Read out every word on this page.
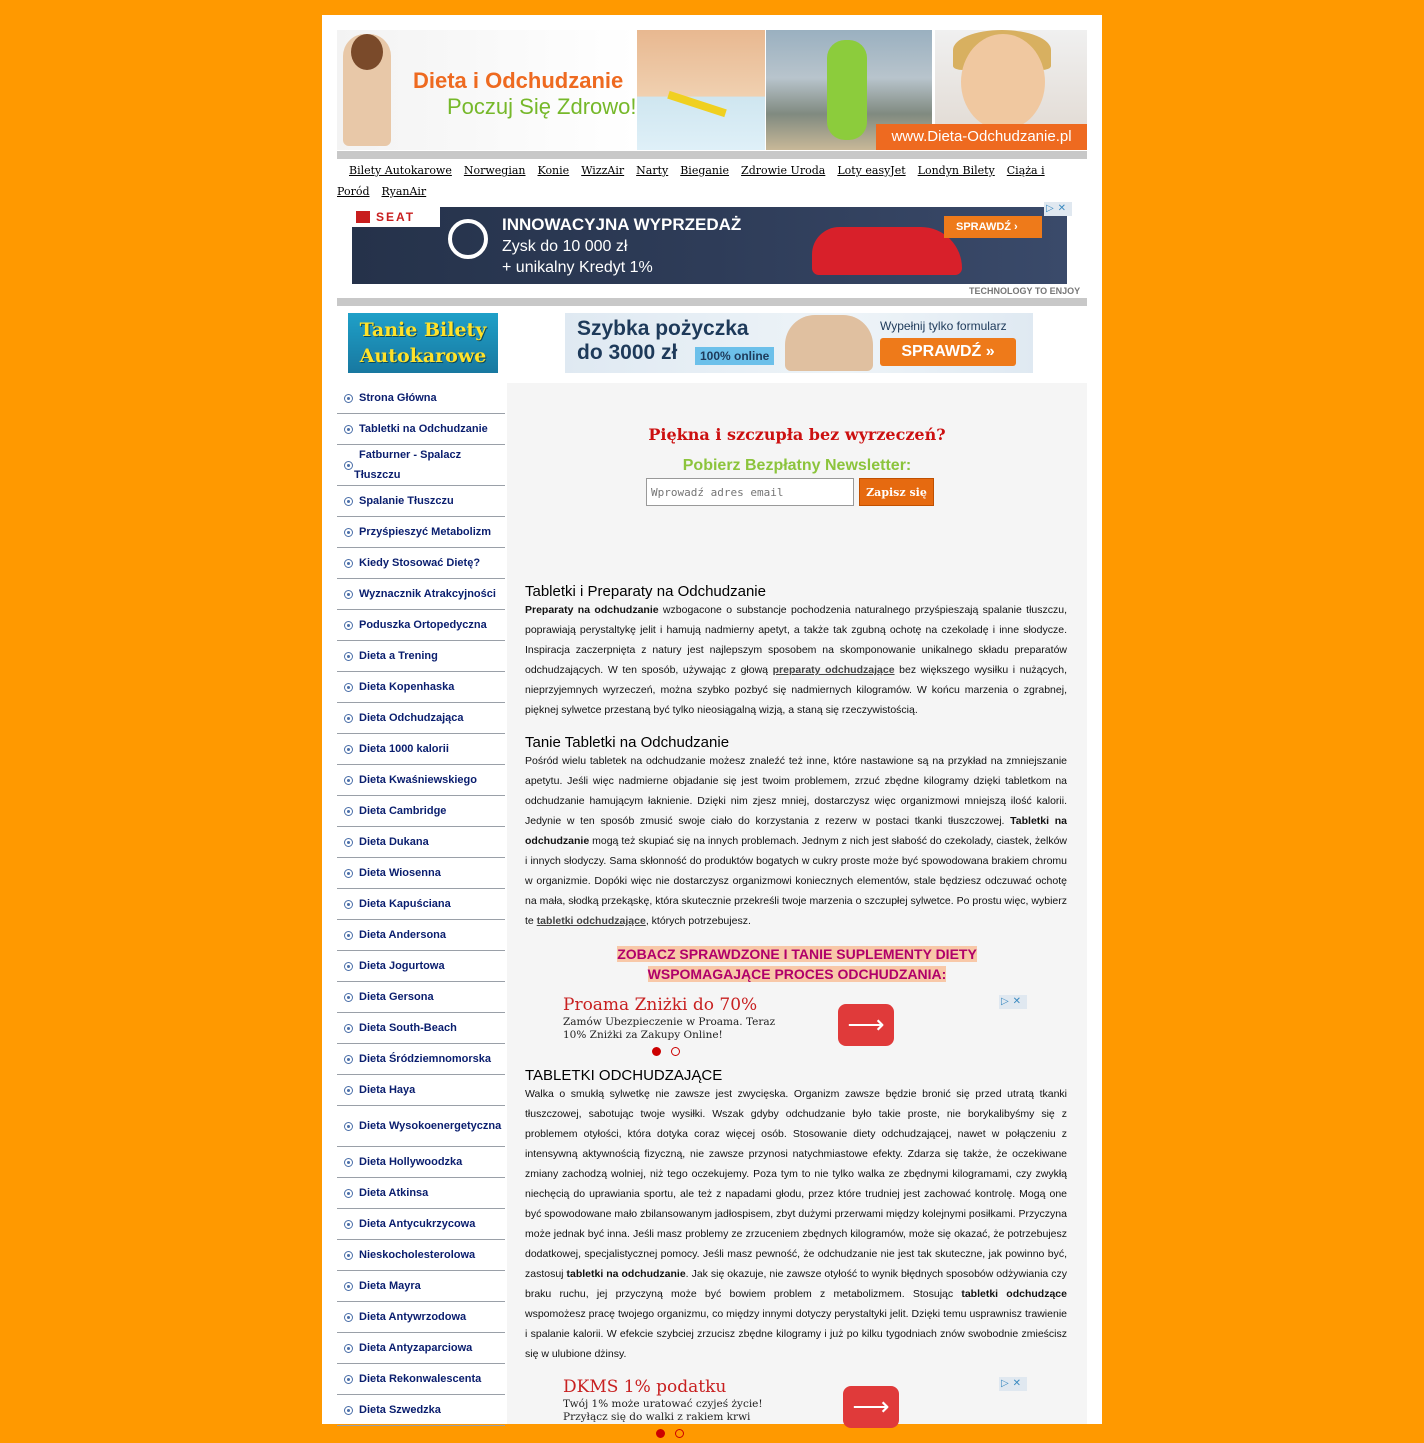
Dieta i Odchudzanie
Poczuj Się Zdrowo!
www.Dieta-Odchudzanie.pl
Bilety Autokarowe Norwegian Konie WizzAir Narty Bieganie Zdrowie Uroda Loty easyJet Londyn Bilety Ciąża i
Poród RyanAir
SEAT	INNOWACYJNA WYPRZEDAŻ
Zysk do 10 000 zł
+ unikalny Kredyt 1%
SPRAWDŹ ›
TECHNOLOGY TO ENJOY
▷✕
Tanie Bilety
Autokarowe
Strona Główna
Tabletki na Odchudzanie
Fatburner - Spalacz Tłuszczu
Spalanie Tłuszczu
Przyśpieszyć Metabolizm
Kiedy Stosować Dietę?
Wyznacznik Atrakcyjności
Poduszka Ortopedyczna
Dieta a Trening
Dieta Kopenhaska
Dieta Odchudzająca
Dieta 1000 kalorii
Dieta Kwaśniewskiego
Dieta Cambridge
Dieta Dukana
Dieta Wiosenna
Dieta Kapuściana
Dieta Andersona
Dieta Jogurtowa
Dieta Gersona
Dieta South-Beach
Dieta Śródziemnomorska
Dieta Haya
Dieta Wysokoenergetyczna
Dieta Hollywoodzka
Dieta Atkinsa
Dieta Antycukrzycowa
Nieskocholesterolowa
Dieta Mayra
Dieta Antywrzodowa
Dieta Antyzaparciowa
Dieta Rekonwalescenta
Dieta Szwedzka
Szybka pożyczka
do 3000 zł	100% online
Wypełnij tylko formularz
SPRAWDŹ »
Piękna i szczupła bez wyrzeczeń?
Pobierz Bezpłatny Newsletter:
Wprowadź adres email
Zapisz się
Tabletki i Preparaty na Odchudzanie

Preparaty na odchudzanie wzbogacone o substancje pochodzenia naturalnego przyśpieszają spalanie tłuszczu, poprawiają perystaltykę jelit i hamują nadmierny apetyt, a także tak zgubną ochotę na czekoladę i inne słodycze. Inspiracja zaczerpnięta z natury jest najlepszym sposobem na skomponowanie unikalnego składu preparatów odchudzających. W ten sposób, używając z głową preparaty odchudzające bez większego wysiłku i nużących, nieprzyjemnych wyrzeczeń, można szybko pozbyć się nadmiernych kilogramów. W końcu marzenia o zgrabnej, pięknej sylwetce przestaną być tylko nieosiągalną wizją, a staną się rzeczywistością.

Tanie Tabletki na Odchudzanie

Pośród wielu tabletek na odchudzanie możesz znaleźć też inne, które nastawione są na przykład na zmniejszanie apetytu. Jeśli więc nadmierne objadanie się jest twoim problemem, zrzuć zbędne kilogramy dzięki tabletkom na odchudzanie hamującym łaknienie. Dzięki nim zjesz mniej, dostarczysz więc organizmowi mniejszą ilość kalorii. Jedynie w ten sposób zmusić swoje ciało do korzystania z rezerw w postaci tkanki tłuszczowej. Tabletki na odchudzanie mogą też skupiać się na innych problemach. Jednym z nich jest słabość do czekolady, ciastek, żelków i innych słodyczy. Sama skłonność do produktów bogatych w cukry proste może być spowodowana brakiem chromu w organizmie. Dopóki więc nie dostarczysz organizmowi koniecznych elementów, stale będziesz odczuwać ochotę na mała, słodką przekąskę, która skutecznie przekreśli twoje marzenia o szczupłej sylwetce. Po prostu więc, wybierz te tabletki odchudzające, których potrzebujesz.

ZOBACZ SPRAWDZONE I TANIE SUPLEMENTY DIETY
WSPOMAGAJĄCE PROCES ODCHUDZANIA:
Proama Zniżki do 70%
Zamów Ubezpieczenie w Proama. Teraz
10% Zniżki za Zakupy Online!	⟶
▷✕
TABLETKI ODCHUDZAJĄCE

Walka o smukłą sylwetkę nie zawsze jest zwycięska. Organizm zawsze będzie bronić się przed utratą tkanki tłuszczowej, sabotując twoje wysiłki. Wszak gdyby odchudzanie było takie proste, nie borykalibyśmy się z problemem otyłości, która dotyka coraz więcej osób. Stosowanie diety odchudzającej, nawet w połączeniu z intensywną aktywnością fizyczną, nie zawsze przynosi natychmiastowe efekty. Zdarza się także, że oczekiwane zmiany zachodzą wolniej, niż tego oczekujemy. Poza tym to nie tylko walka ze zbędnymi kilogramami, czy zwykłą niechęcią do uprawiania sportu, ale też z napadami głodu, przez które trudniej jest zachować kontrolę. Mogą one być spowodowane mało zbilansowanym jadłospisem, zbyt dużymi przerwami między kolejnymi posiłkami. Przyczyna może jednak być inna. Jeśli masz problemy ze zrzuceniem zbędnych kilogramów, może się okazać, że potrzebujesz dodatkowej, specjalistycznej pomocy. Jeśli masz pewność, że odchudzanie nie jest tak skuteczne, jak powinno być, zastosuj tabletki na odchudzanie. Jak się okazuje, nie zawsze otyłość to wynik błędnych sposobów odżywiania czy braku ruchu, jej przyczyną może być bowiem problem z metabolizmem. Stosując tabletki odchudzące wspomożesz pracę twojego organizmu, co między innymi dotyczy perystaltyki jelit. Dzięki temu usprawnisz trawienie i spalanie kalorii. W efekcie szybciej zrzucisz zbędne kilogramy i już po kilku tygodniach znów swobodnie zmieścisz się w ulubione dżinsy.

DKMS 1% podatku
Twój 1% może uratować czyjeś życie!
Przyłącz się do walki z rakiem krwi	⟶
▷✕
